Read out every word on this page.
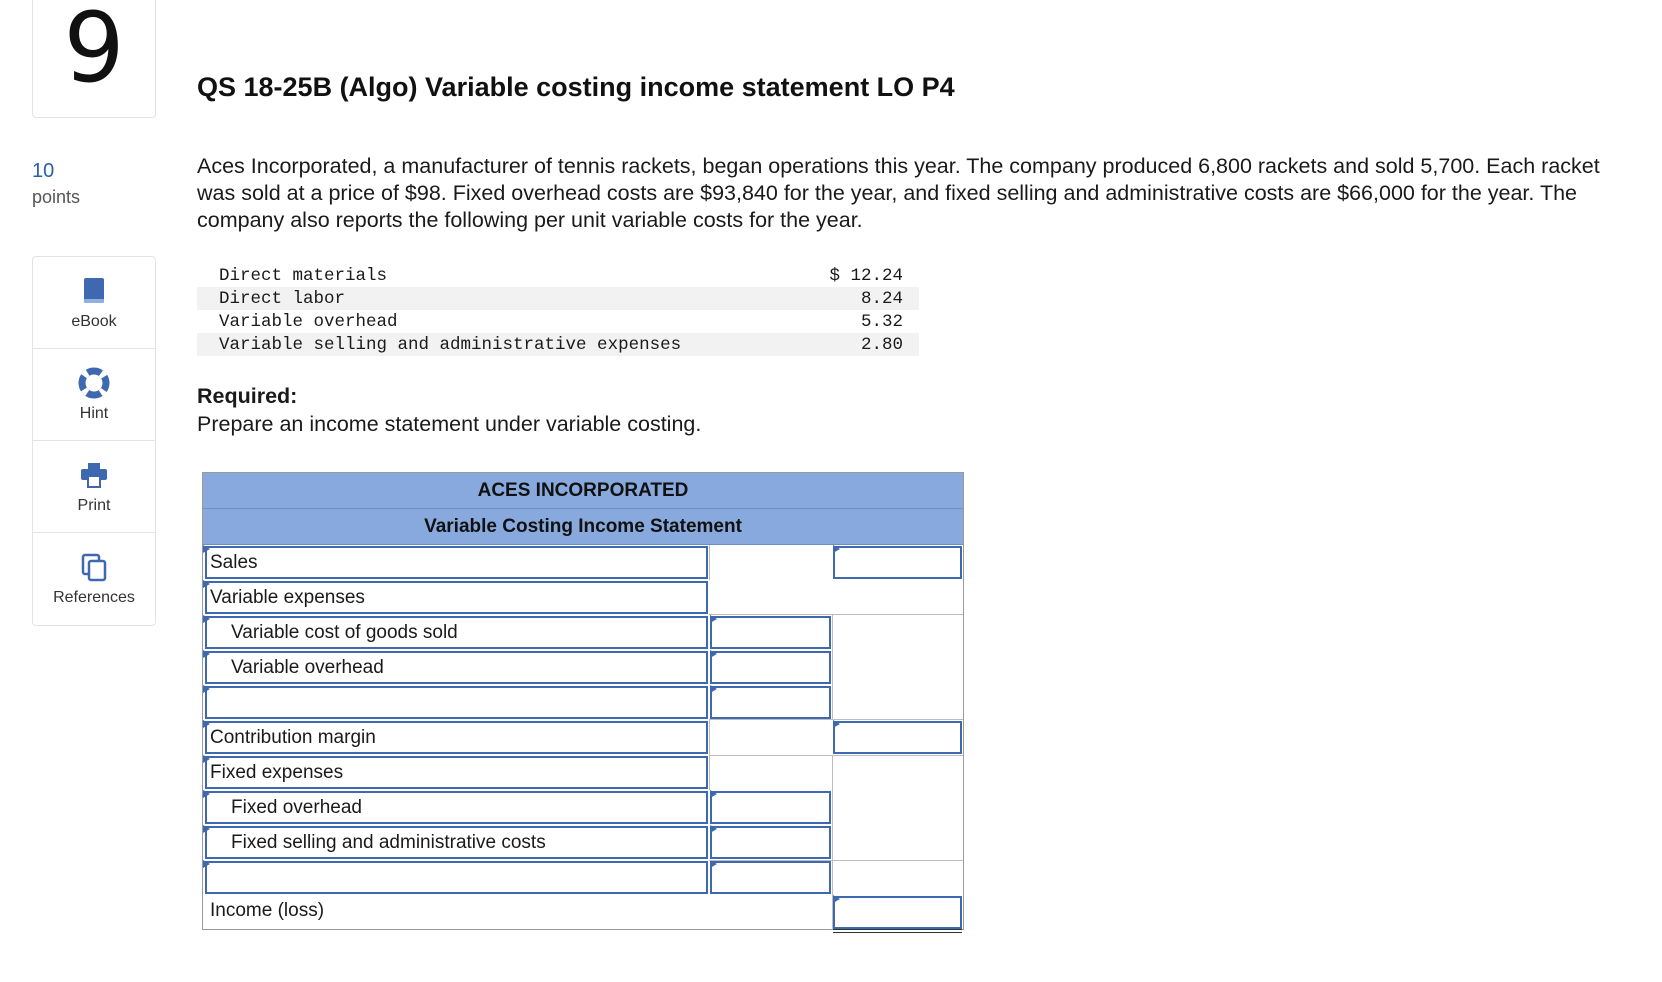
9
10
points
eBook
Hint
Print
References
QS 18-25B (Algo) Variable costing income statement LO P4
Aces Incorporated, a manufacturer of tennis rackets, began operations this year. The company produced 6,800 rackets and sold 5,700. Each racket was sold at a price of $98. Fixed overhead costs are $93,840 for the year, and fixed selling and administrative costs are $66,000 for the year. The company also reports the following per unit variable costs for the year.
Direct materials	$ 12.24
Direct labor	8.24
Variable overhead	5.32
Variable selling and administrative expenses	2.80
Required:
Prepare an income statement under variable costing.
ACES INCORPORATED
Variable Costing Income Statement
Sales
Variable expenses
Variable cost of goods sold
Variable overhead
Contribution margin
Fixed expenses
Fixed overhead
Fixed selling and administrative costs
Income (loss)
